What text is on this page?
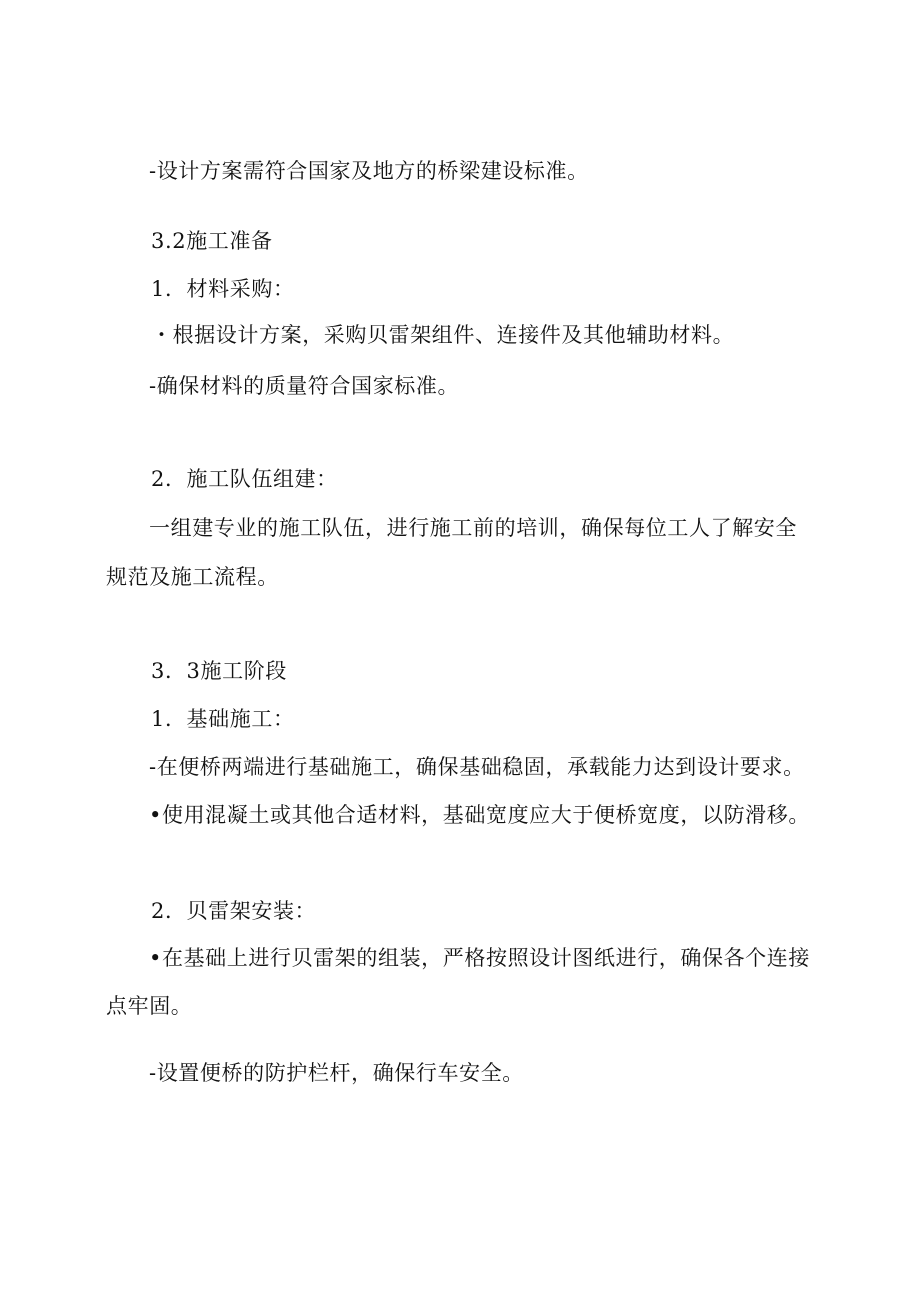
-设计方案需符合国家及地方的桥梁建设标准。

3.2施工准备

1．材料采购：

・根据设计方案，采购贝雷架组件、连接件及其他辅助材料。

-确保材料的质量符合国家标准。

2．施工队伍组建：

一组建专业的施工队伍，进行施工前的培训，确保每位工人了解安全

规范及施工流程。

3．3施工阶段

1．基础施工：

-在便桥两端进行基础施工，确保基础稳固，承载能力达到设计要求。

•使用混凝土或其他合适材料，基础宽度应大于便桥宽度，以防滑移。

2．贝雷架安装：

•在基础上进行贝雷架的组装，严格按照设计图纸进行，确保各个连接

点牢固。

-设置便桥的防护栏杆，确保行车安全。
